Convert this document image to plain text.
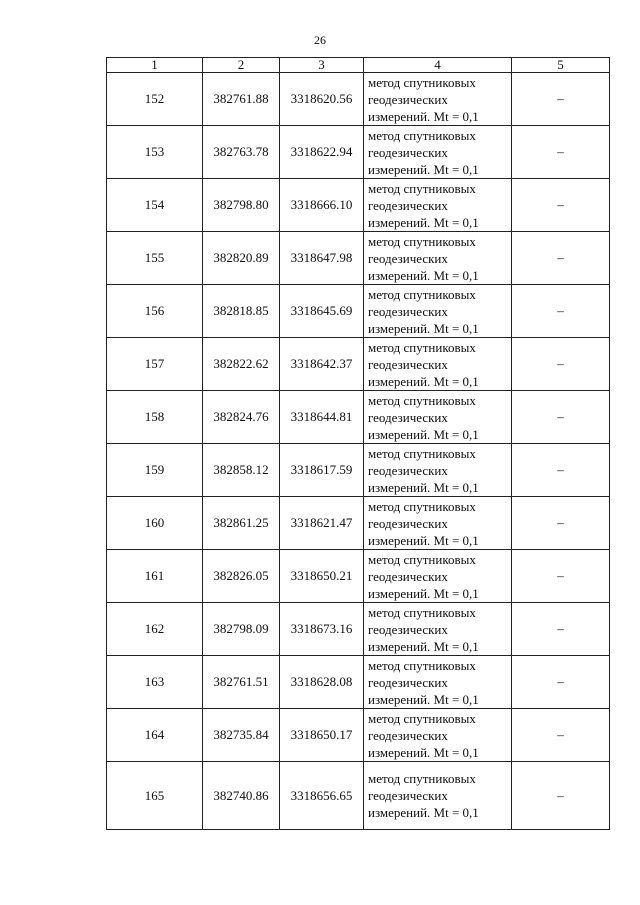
26
1	2	3	4	5
152	382761.88	3318620.56	метод спутниковых
геодезических
измерений. Mt = 0,1	–
153	382763.78	3318622.94	метод спутниковых
геодезических
измерений. Mt = 0,1	–
154	382798.80	3318666.10	метод спутниковых
геодезических
измерений. Mt = 0,1	–
155	382820.89	3318647.98	метод спутниковых
геодезических
измерений. Mt = 0,1	–
156	382818.85	3318645.69	метод спутниковых
геодезических
измерений. Mt = 0,1	–
157	382822.62	3318642.37	метод спутниковых
геодезических
измерений. Mt = 0,1	–
158	382824.76	3318644.81	метод спутниковых
геодезических
измерений. Mt = 0,1	–
159	382858.12	3318617.59	метод спутниковых
геодезических
измерений. Mt = 0,1	–
160	382861.25	3318621.47	метод спутниковых
геодезических
измерений. Mt = 0,1	–
161	382826.05	3318650.21	метод спутниковых
геодезических
измерений. Mt = 0,1	–
162	382798.09	3318673.16	метод спутниковых
геодезических
измерений. Mt = 0,1	–
163	382761.51	3318628.08	метод спутниковых
геодезических
измерений. Mt = 0,1	–
164	382735.84	3318650.17	метод спутниковых
геодезических
измерений. Mt = 0,1	–
165	382740.86	3318656.65	метод спутниковых
геодезических
измерений. Mt = 0,1	–
